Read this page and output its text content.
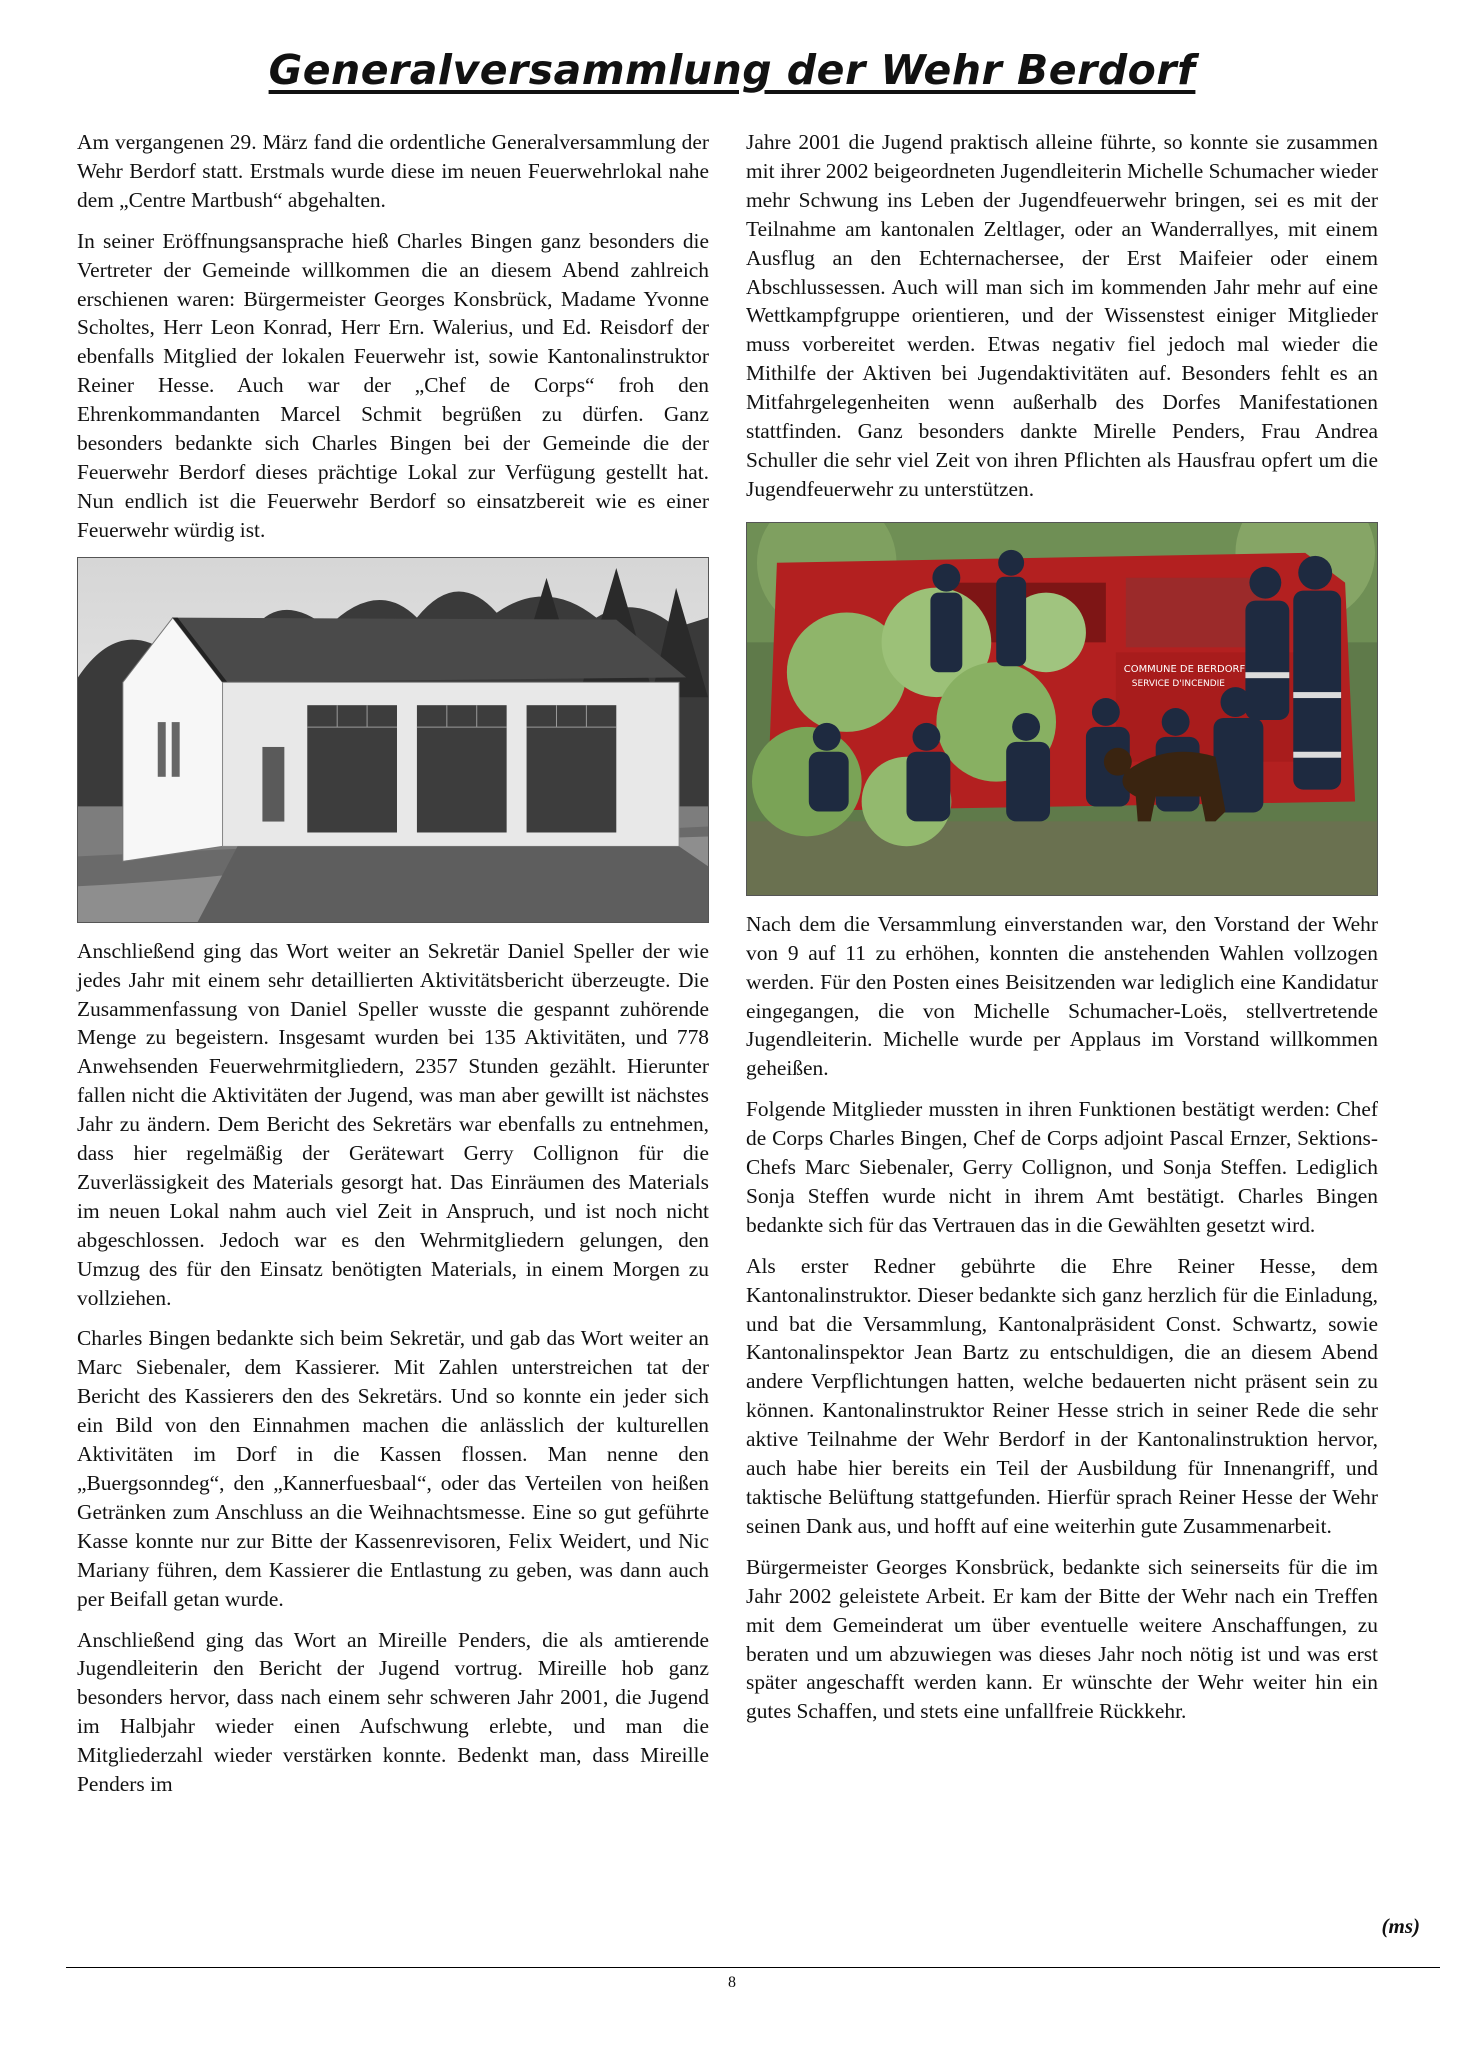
Generalversammlung der Wehr Berdorf

Am vergangenen 29. März fand die ordentliche Generalversammlung der Wehr Berdorf statt. Erstmals wurde diese im neuen Feuerwehrlokal nahe dem „Centre Martbush“ abgehalten.

In seiner Eröffnungsansprache hieß Charles Bingen ganz besonders die Vertreter der Gemeinde willkommen die an diesem Abend zahlreich erschienen waren: Bürgermeister Georges Konsbrück, Madame Yvonne Scholtes, Herr Leon Konrad, Herr Ern. Walerius, und Ed. Reisdorf der ebenfalls Mitglied der lokalen Feuerwehr ist, sowie Kantonalinstruktor Reiner Hesse. Auch war der „Chef de Corps“ froh den Ehrenkommandanten Marcel Schmit begrüßen zu dürfen. Ganz besonders bedankte sich Charles Bingen bei der Gemeinde die der Feuerwehr Berdorf dieses prächtige Lokal zur Verfügung gestellt hat. Nun endlich ist die Feuerwehr Berdorf so einsatzbereit wie es einer Feuerwehr würdig ist.

Anschließend ging das Wort weiter an Sekretär Daniel Speller der wie jedes Jahr mit einem sehr detaillierten Aktivitätsbericht überzeugte. Die Zusammenfassung von Daniel Speller wusste die gespannt zuhörende Menge zu begeistern. Insgesamt wurden bei 135 Aktivitäten, und 778 Anwehsenden Feuerwehrmitgliedern, 2357 Stunden gezählt. Hierunter fallen nicht die Aktivitäten der Jugend, was man aber gewillt ist nächstes Jahr zu ändern. Dem Bericht des Sekretärs war ebenfalls zu entnehmen, dass hier regelmäßig der Gerätewart Gerry Collignon für die Zuverlässigkeit des Materials gesorgt hat. Das Einräumen des Materials im neuen Lokal nahm auch viel Zeit in Anspruch, und ist noch nicht abgeschlossen. Jedoch war es den Wehrmitgliedern gelungen, den Umzug des für den Einsatz benötigten Materials, in einem Morgen zu vollziehen.

Charles Bingen bedankte sich beim Sekretär, und gab das Wort weiter an Marc Siebenaler, dem Kassierer. Mit Zahlen unterstreichen tat der Bericht des Kassierers den des Sekretärs. Und so konnte ein jeder sich ein Bild von den Einnahmen machen die anlässlich der kulturellen Aktivitäten im Dorf in die Kassen flossen. Man nenne den „Buergsonndeg“, den „Kannerfuesbaal“, oder das Verteilen von heißen Getränken zum Anschluss an die Weihnachtsmesse. Eine so gut geführte Kasse konnte nur zur Bitte der Kassenrevisoren, Felix Weidert, und Nic Mariany führen, dem Kassierer die Entlastung zu geben, was dann auch per Beifall getan wurde.

Anschließend ging das Wort an Mireille Penders, die als amtierende Jugendleiterin den Bericht der Jugend vortrug. Mireille hob ganz besonders hervor, dass nach einem sehr schweren Jahr 2001, die Jugend im Halbjahr wieder einen Aufschwung erlebte, und man die Mitgliederzahl wieder verstärken konnte. Bedenkt man, dass Mireille Penders im

Jahre 2001 die Jugend praktisch alleine führte, so konnte sie zusammen mit ihrer 2002 beigeordneten Jugendleiterin Michelle Schumacher wieder mehr Schwung ins Leben der Jugendfeuerwehr bringen, sei es mit der Teilnahme am kantonalen Zeltlager, oder an Wanderrallyes, mit einem Ausflug an den Echternachersee, der Erst Maifeier oder einem Abschlussessen. Auch will man sich im kommenden Jahr mehr auf eine Wettkampfgruppe orientieren, und der Wissenstest einiger Mitglieder muss vorbereitet werden. Etwas negativ fiel jedoch mal wieder die Mithilfe der Aktiven bei Jugendaktivitäten auf. Besonders fehlt es an Mitfahrgelegenheiten wenn außerhalb des Dorfes Manifestationen stattfinden. Ganz besonders dankte Mirelle Penders, Frau Andrea Schuller die sehr viel Zeit von ihren Pflichten als Hausfrau opfert um die Jugendfeuerwehr zu unterstützen.

COMMUNE DE BERDORF
SERVICE D'INCENDIE

Nach dem die Versammlung einverstanden war, den Vorstand der Wehr von 9 auf 11 zu erhöhen, konnten die anstehenden Wahlen vollzogen werden. Für den Posten eines Beisitzenden war lediglich eine Kandidatur eingegangen, die von Michelle Schumacher-Loës, stellvertretende Jugendleiterin. Michelle wurde per Applaus im Vorstand willkommen geheißen.

Folgende Mitglieder mussten in ihren Funktionen bestätigt werden: Chef de Corps Charles Bingen, Chef de Corps adjoint Pascal Ernzer, Sektions-Chefs Marc Siebenaler, Gerry Collignon, und Sonja Steffen. Lediglich Sonja Steffen wurde nicht in ihrem Amt bestätigt. Charles Bingen bedankte sich für das Vertrauen das in die Gewählten gesetzt wird.

Als erster Redner gebührte die Ehre Reiner Hesse, dem Kantonalinstruktor. Dieser bedankte sich ganz herzlich für die Einladung, und bat die Versammlung, Kantonalpräsident Const. Schwartz, sowie Kantonalinspektor Jean Bartz zu entschuldigen, die an diesem Abend andere Verpflichtungen hatten, welche bedauerten nicht präsent sein zu können. Kantonalinstruktor Reiner Hesse strich in seiner Rede die sehr aktive Teilnahme der Wehr Berdorf in der Kantonalinstruktion hervor, auch habe hier bereits ein Teil der Ausbildung für Innenangriff, und taktische Belüftung stattgefunden. Hierfür sprach Reiner Hesse der Wehr seinen Dank aus, und hofft auf eine weiterhin gute Zusammenarbeit.

Bürgermeister Georges Konsbrück, bedankte sich seinerseits für die im Jahr 2002 geleistete Arbeit. Er kam der Bitte der Wehr nach ein Treffen mit dem Gemeinderat um über eventuelle weitere Anschaffungen, zu beraten und um abzuwiegen was dieses Jahr noch nötig ist und was erst später angeschafft werden kann. Er wünschte der Wehr weiter hin ein gutes Schaffen, und stets eine unfallfreie Rückkehr.

(ms)
8
